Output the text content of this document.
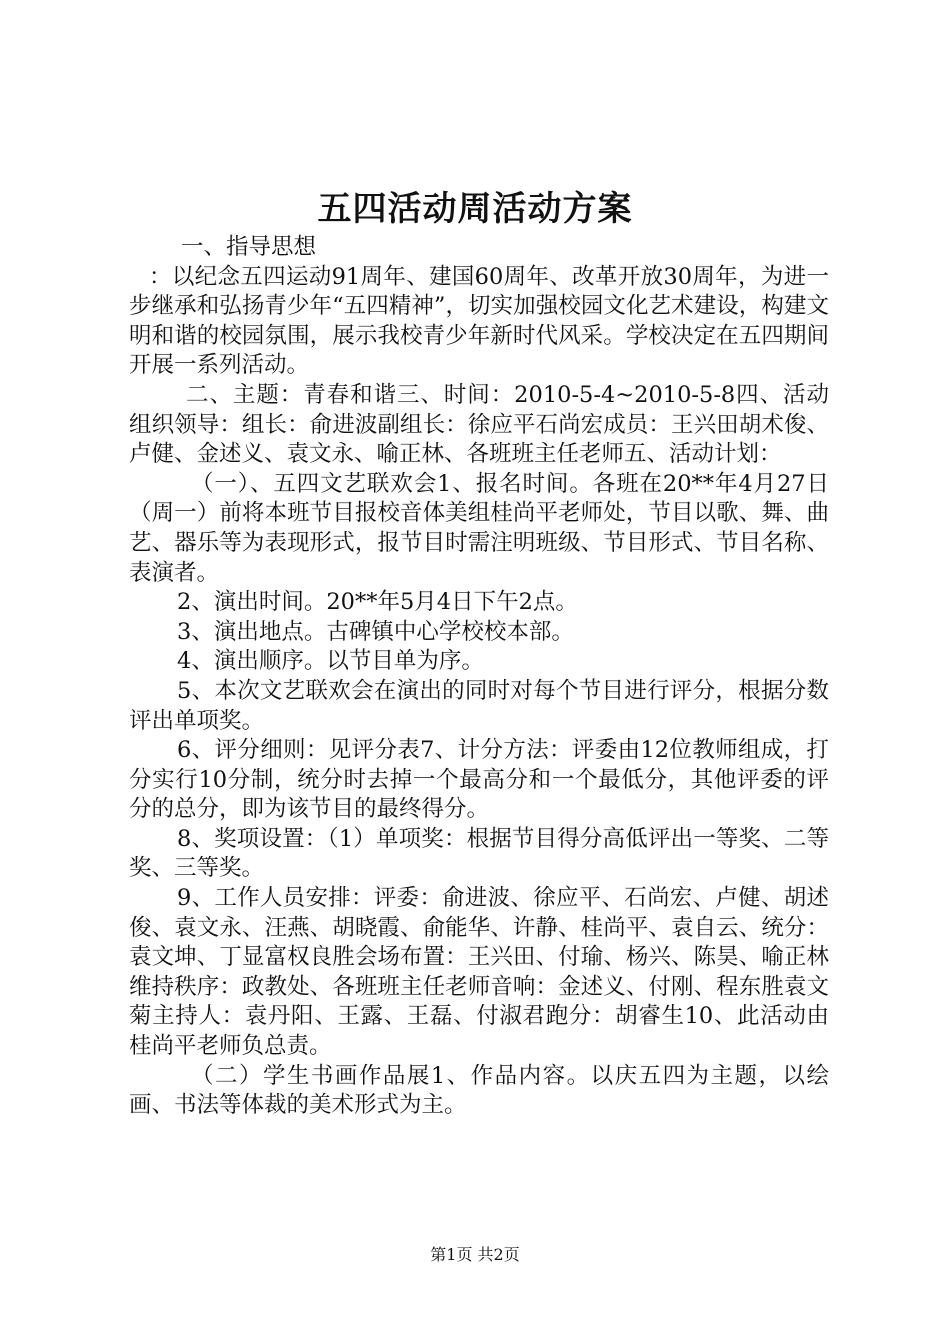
五四活动周活动方案

一、指导思想

：以纪念五四运动91周年、建国60周年、改革开放30周年，为进一步继承和弘扬青少年“五四精神”，切实加强校园文化艺术建设，构建文明和谐的校园氛围，展示我校青少年新时代风采。学校决定在五四期间开展一系列活动。

二、主题：青春和谐三、时间：2010-5-4~2010-5-8四、活动组织领导：组长：俞进波副组长：徐应平石尚宏成员：王兴田胡术俊、卢健、金述义、袁文永、喻正林、各班班主任老师五、活动计划：

（一）、五四文艺联欢会1、报名时间。各班在20**年4月27日（周一）前将本班节目报校音体美组桂尚平老师处，节目以歌、舞、曲艺、器乐等为表现形式，报节目时需注明班级、节目形式、节目名称、表演者。

2、演出时间。20**年5月4日下午2点。

3、演出地点。古碑镇中心学校校本部。

4、演出顺序。以节目单为序。

5、本次文艺联欢会在演出的同时对每个节目进行评分，根据分数评出单项奖。

6、评分细则：见评分表7、计分方法：评委由12位教师组成，打分实行10分制，统分时去掉一个最高分和一个最低分，其他评委的评分的总分，即为该节目的最终得分。

8、奖项设置：（1）单项奖：根据节目得分高低评出一等奖、二等奖、三等奖。

9、工作人员安排：评委：俞进波、徐应平、石尚宏、卢健、胡述俊、袁文永、汪燕、胡晓霞、俞能华、许静、桂尚平、袁自云、统分：袁文坤、丁显富权良胜会场布置：王兴田、付瑜、杨兴、陈昊、喻正林维持秩序：政教处、各班班主任老师音响：金述义、付刚、程东胜袁文菊主持人：袁丹阳、王露、王磊、付淑君跑分：胡睿生10、此活动由桂尚平老师负总责。

（二）学生书画作品展1、作品内容。以庆五四为主题，以绘画、书法等体裁的美术形式为主。

第1页 共2页
